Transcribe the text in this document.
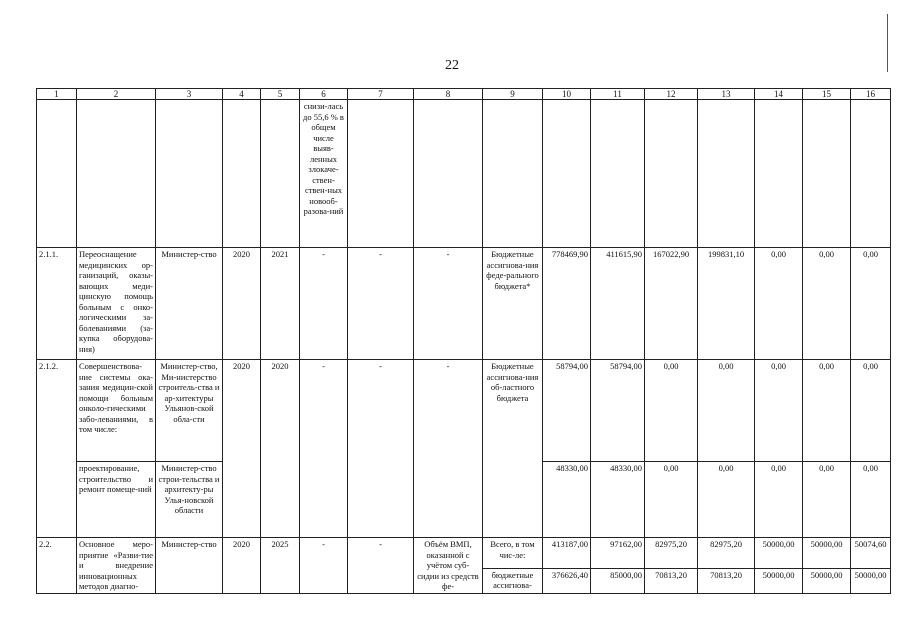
22
1	2	3	4	5	6	7	8	9	10	11	12	13	14	15	16
					снизи-лась до 55,6 % в общем числе выяв-ленных злокаче-ствен-ствен-ных новооб-разова-ний										
2.1.1.	Переоснащение медицинских ор-ганизаций, оказы-вающих меди-цинскую помощь больным с онко-логическими за-болеваниями (за-купка оборудова-ния)	Министер-ство	2020	2021	-	-	-	Бюджетные ассигнова-ния феде-рального бюджета*	778469,90	411615,90	167022,90	199831,10	0,00	0,00	0,00
2.1.2.	Совершенствова-ние системы ока-зания медицин-ской помощи больным онколо-гическими забо-леваниями, в том числе:	Министер-ство, Ми-нистерство строитель-ства и ар-хитектуры Ульянов-ской обла-сти	2020	2020	-	-	-	Бюджетные ассигнова-ния об-ластного бюджета	58794,00	58794,00	0,00	0,00	0,00	0,00	0,00
	проектирование, строительство и ремонт помеще-ний	Министер-ство строи-тельства и архитекту-ры Улья-новской области							48330,00	48330,00	0,00	0,00	0,00	0,00	0,00
2.2.	Основное меро-приятие «Разви-тие и внедрение инновационных методов диагно-	Министер-ство	2020	2025	-	-	Объём ВМП, оказанной с учётом суб-сидии из средств фе-	Всего, в том чис-ле:	413187,00	97162,00	82975,20	82975,20	50000,00	50000,00	50074,60
								бюджетные ассигнова-	376626,40	85000,00	70813,20	70813,20	50000,00	50000,00	50000,00
